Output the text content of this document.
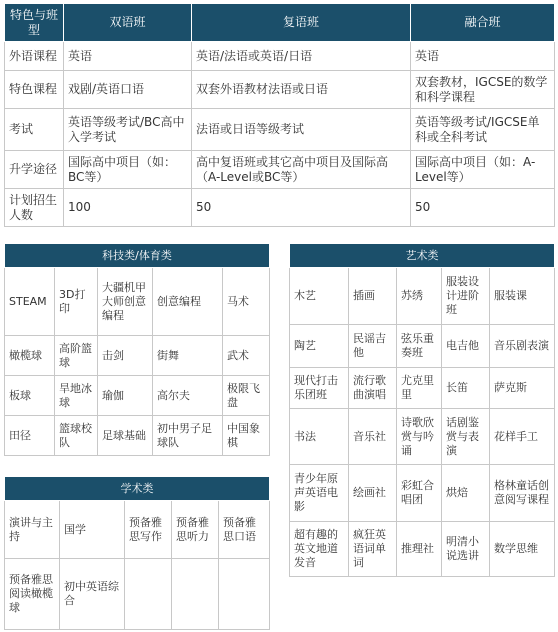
特色与班型	双语班	复语班	融合班
外语课程	英语	英语/法语或英语/日语	英语
特色课程	戏剧/英语口语	双套外语教材法语或日语	双套教材，IGCSE的数学和科学课程
考试	英语等级考试/BC高中入学考试	法语或日语等级考试	英语等级考试/IGCSE单科或全科考试
升学途径	国际高中项目（如：BC等）	高中复语班或其它高中项目及国际高（A-Level或BC等）	国际高中项目（如：A-Level等）
计划招生人数	100	50	50
科技类/体育类				
STEAM	3D打印	大疆机甲大师创意编程	创意编程	马术
橄榄球	高阶篮球	击剑	街舞	武术
板球	旱地冰球	瑜伽	高尔夫	极限飞盘
田径	篮球校队	足球基础	初中男子足球队	中国象棋
艺术类				
木艺	插画	苏绣	服装设计进阶班	服装课
陶艺	民谣吉他	弦乐重奏班	电吉他	音乐剧表演
现代打击乐团班	流行歌曲演唱	尤克里里	长笛	萨克斯
书法	音乐社	诗歌欣赏与吟诵	话剧鉴赏与表演	花样手工
青少年原声英语电影	绘画社	彩虹合唱团	烘焙	格林童话创意阅写课程
超有趣的英文地道发音	疯狂英语词单词	推理社	明清小说选讲	数学思维
学术类				
演讲与主持	国学	预备雅思写作	预备雅思听力	预备雅思口语
预备雅思阅读橄榄球	初中英语综合			
